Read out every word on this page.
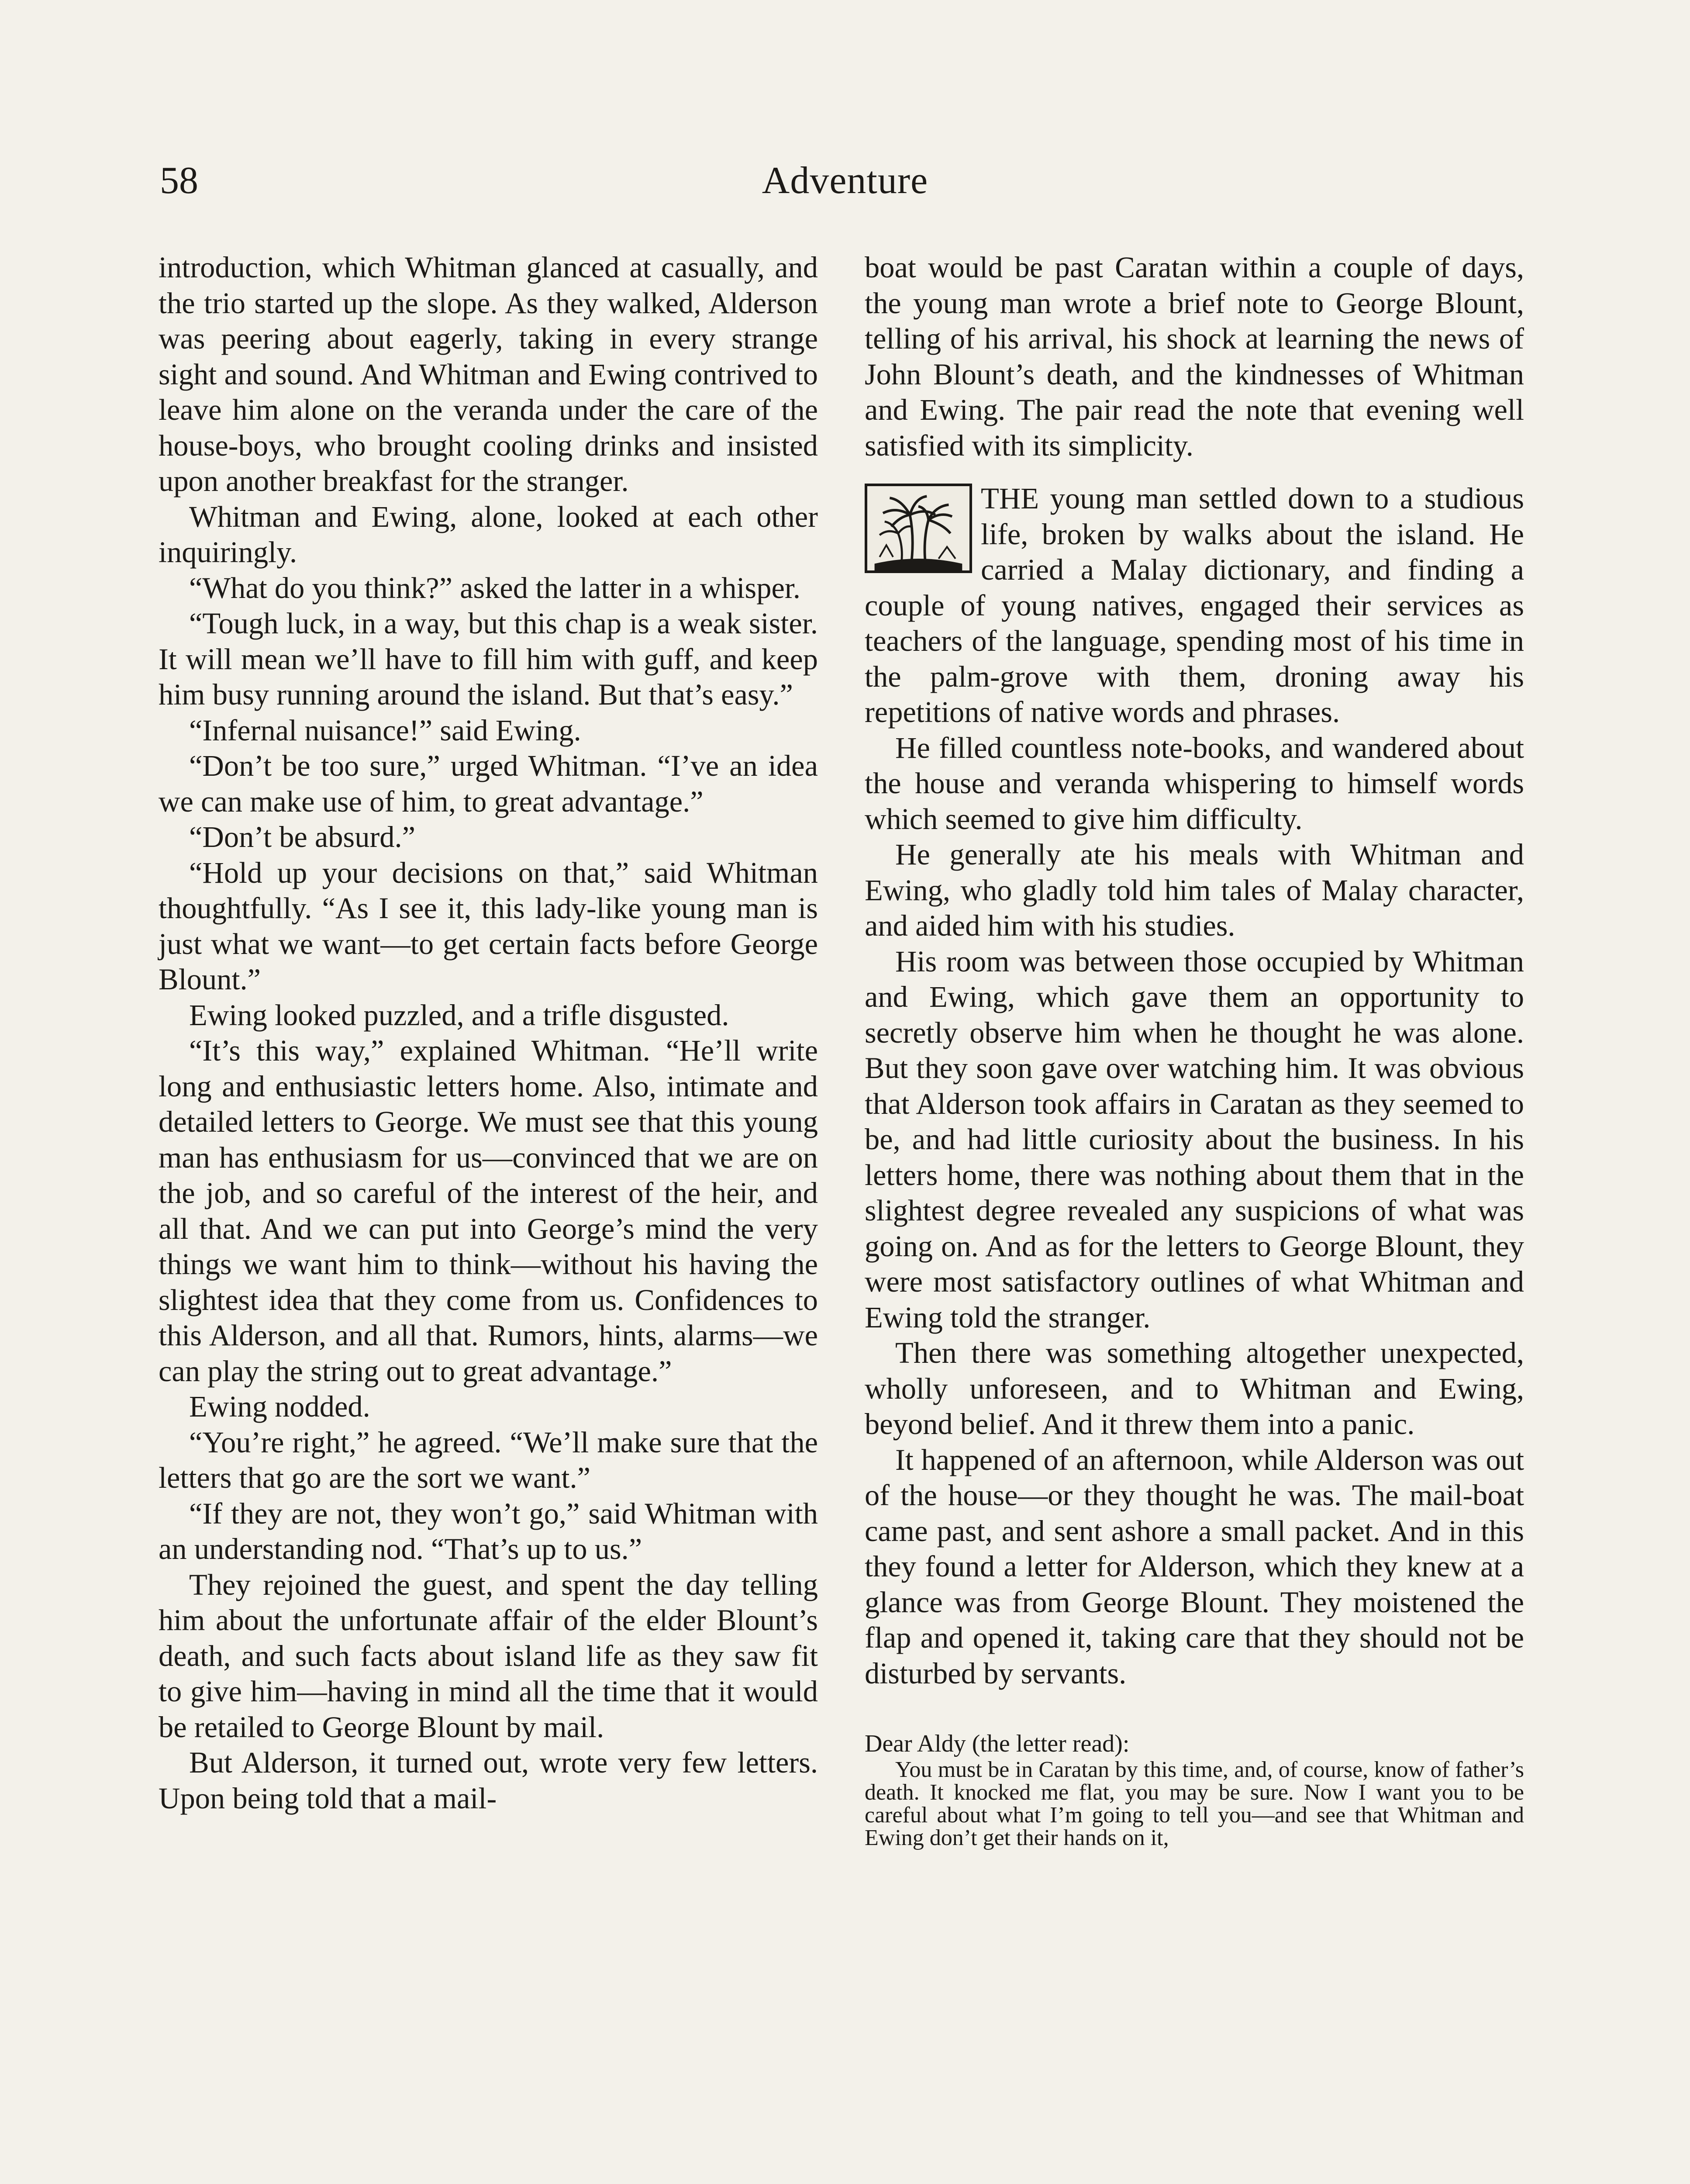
58	Adventure

introduction, which Whitman glanced at casually, and the trio started up the slope. As they walked, Alderson was peering about eagerly, taking in every strange sight and sound. And Whitman and Ewing contrived to leave him alone on the veranda under the care of the house-boys, who brought cooling drinks and insisted upon another breakfast for the stranger.

Whitman and Ewing, alone, looked at each other inquiringly.

“What do you think?” asked the latter in a whisper.

“Tough luck, in a way, but this chap is a weak sister. It will mean we’ll have to fill him with guff, and keep him busy running around the island. But that’s easy.”

“Infernal nuisance!” said Ewing.

“Don’t be too sure,” urged Whitman. “I’ve an idea we can make use of him, to great advantage.”

“Don’t be absurd.”

“Hold up your decisions on that,” said Whitman thoughtfully. “As I see it, this lady-like young man is just what we want—to get certain facts before George Blount.”

Ewing looked puzzled, and a trifle disgusted.

“It’s this way,” explained Whitman. “He’ll write long and enthusiastic letters home. Also, intimate and detailed letters to George. We must see that this young man has enthusiasm for us—convinced that we are on the job, and so careful of the interest of the heir, and all that. And we can put into George’s mind the very things we want him to think—without his having the slightest idea that they come from us. Confidences to this Alderson, and all that. Rumors, hints, alarms—we can play the string out to great advantage.”

Ewing nodded.

“You’re right,” he agreed. “We’ll make sure that the letters that go are the sort we want.”

“If they are not, they won’t go,” said Whitman with an understanding nod. “That’s up to us.”

They rejoined the guest, and spent the day telling him about the unfortunate affair of the elder Blount’s death, and such facts about island life as they saw fit to give him—having in mind all the time that it would be retailed to George Blount by mail.

But Alderson, it turned out, wrote very few letters. Upon being told that a mail-

boat would be past Caratan within a couple of days, the young man wrote a brief note to George Blount, telling of his arrival, his shock at learning the news of John Blount’s death, and the kindnesses of Whitman and Ewing. The pair read the note that evening well satisfied with its simplicity.

THE young man settled down to a studious life, broken by walks about the island. He carried a Malay dictionary, and finding a couple of young natives, engaged their services as teachers of the language, spending most of his time in the palm-grove with them, droning away his repetitions of native words and phrases.

He filled countless note-books, and wandered about the house and veranda whispering to himself words which seemed to give him difficulty.

He generally ate his meals with Whitman and Ewing, who gladly told him tales of Malay character, and aided him with his studies.

His room was between those occupied by Whitman and Ewing, which gave them an opportunity to secretly observe him when he thought he was alone. But they soon gave over watching him. It was obvious that Alderson took affairs in Caratan as they seemed to be, and had little curiosity about the business. In his letters home, there was nothing about them that in the slightest degree revealed any suspicions of what was going on. And as for the letters to George Blount, they were most satisfactory outlines of what Whitman and Ewing told the stranger.

Then there was something altogether unexpected, wholly unforeseen, and to Whitman and Ewing, beyond belief. And it threw them into a panic.

It happened of an afternoon, while Alderson was out of the house—or they thought he was. The mail-boat came past, and sent ashore a small packet. And in this they found a letter for Alderson, which they knew at a glance was from George Blount. They moistened the flap and opened it, taking care that they should not be disturbed by servants.

Dear Aldy (the letter read):

You must be in Caratan by this time, and, of course, know of father’s death. It knocked me flat, you may be sure. Now I want you to be careful about what I’m going to tell you—and see that Whitman and Ewing don’t get their hands on it,
